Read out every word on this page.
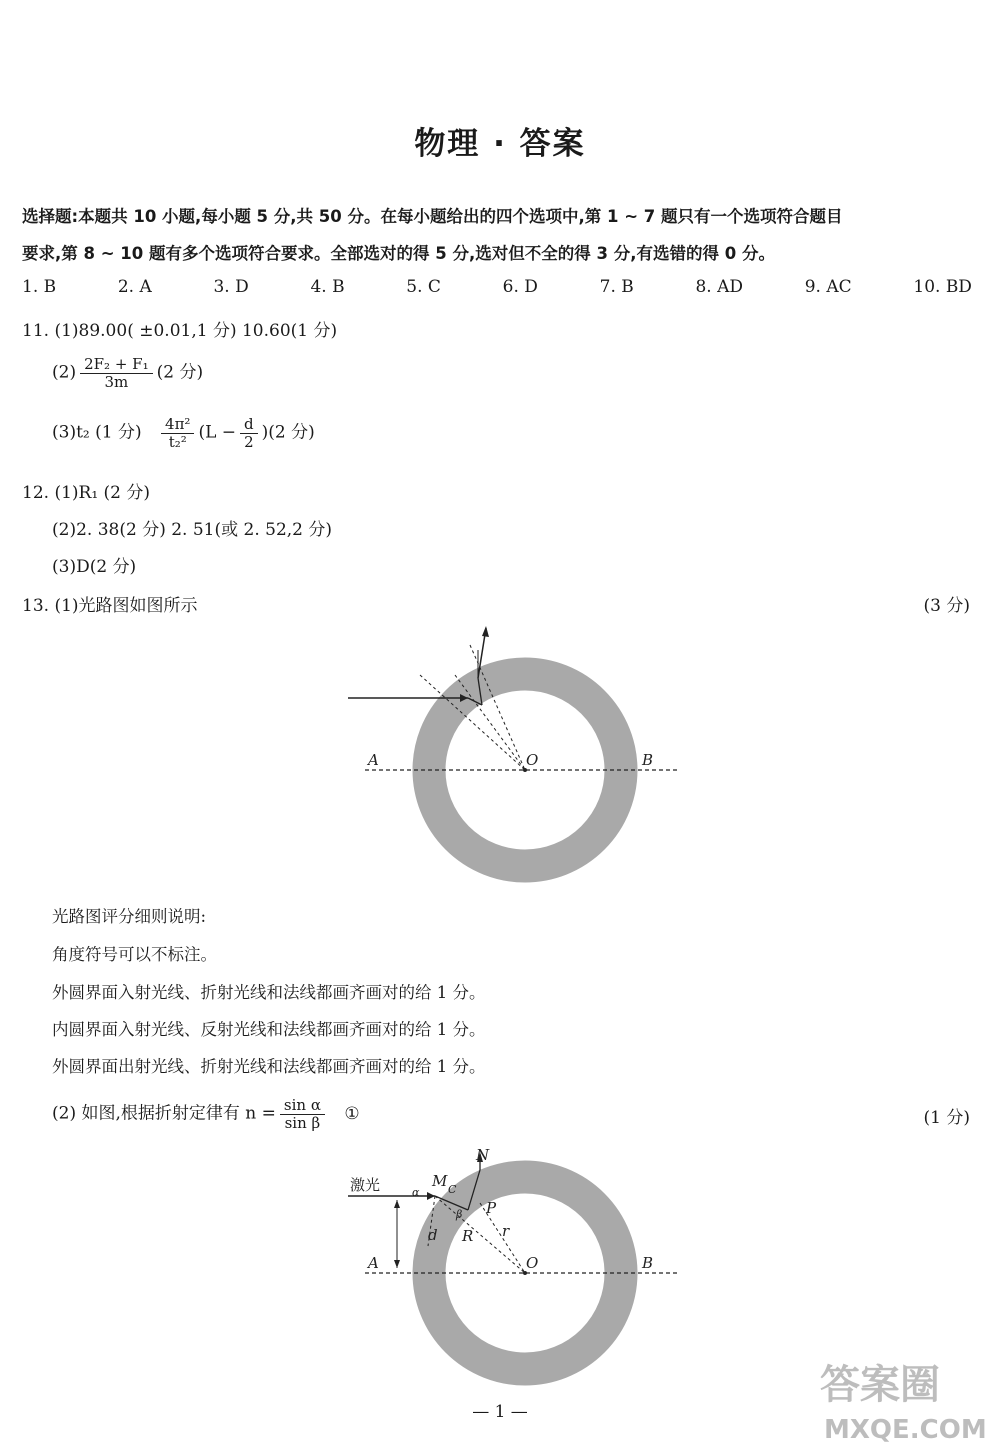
物理 · 答案
选择题:本题共 10 小题,每小题 5 分,共 50 分。在每小题给出的四个选项中,第 1 ~ 7 题只有一个选项符合题目
要求,第 8 ~ 10 题有多个选项符合要求。全部选对的得 5 分,选对但不全的得 3 分,有选错的得 0 分。
1. B	2. A	3. D	4. B	5. C	6. D	7. B	8. AD	9. AC	10. BD
11. (1)89.00( ±0.01,1 分) 10.60(1 分)
$(2) \frac{\text{2F₂ + F₁}}{3m} (2$ 分)
(3)t₂ (1 分) $\frac{\text{4π²}}{\text{t₂²}} (L - \frac{d}{2} )(2$ 分)
12. (1)R₁ (2 分)
(2)2. 38(2 分) 2. 51(或 2. 52,2 分)
(3)D(2 分)
13. (1)光路图如图所示	(3 分)
A	O	B
光路图评分细则说明:
角度符号可以不标注。
外圆界面入射光线、折射光线和法线都画齐画对的给 1 分。
内圆界面入射光线、反射光线和法线都画齐画对的给 1 分。
外圆界面出射光线、折射光线和法线都画齐画对的给 1 分。
(2) 如图,根据折射定律有 $n = \frac{\text{sin α}}{\text{sin β}}$ ①	(1 分)
激光
d
N
M
α	C
β P
R r
A	O	B
— 1 —
答案圈
MXQE.COM
